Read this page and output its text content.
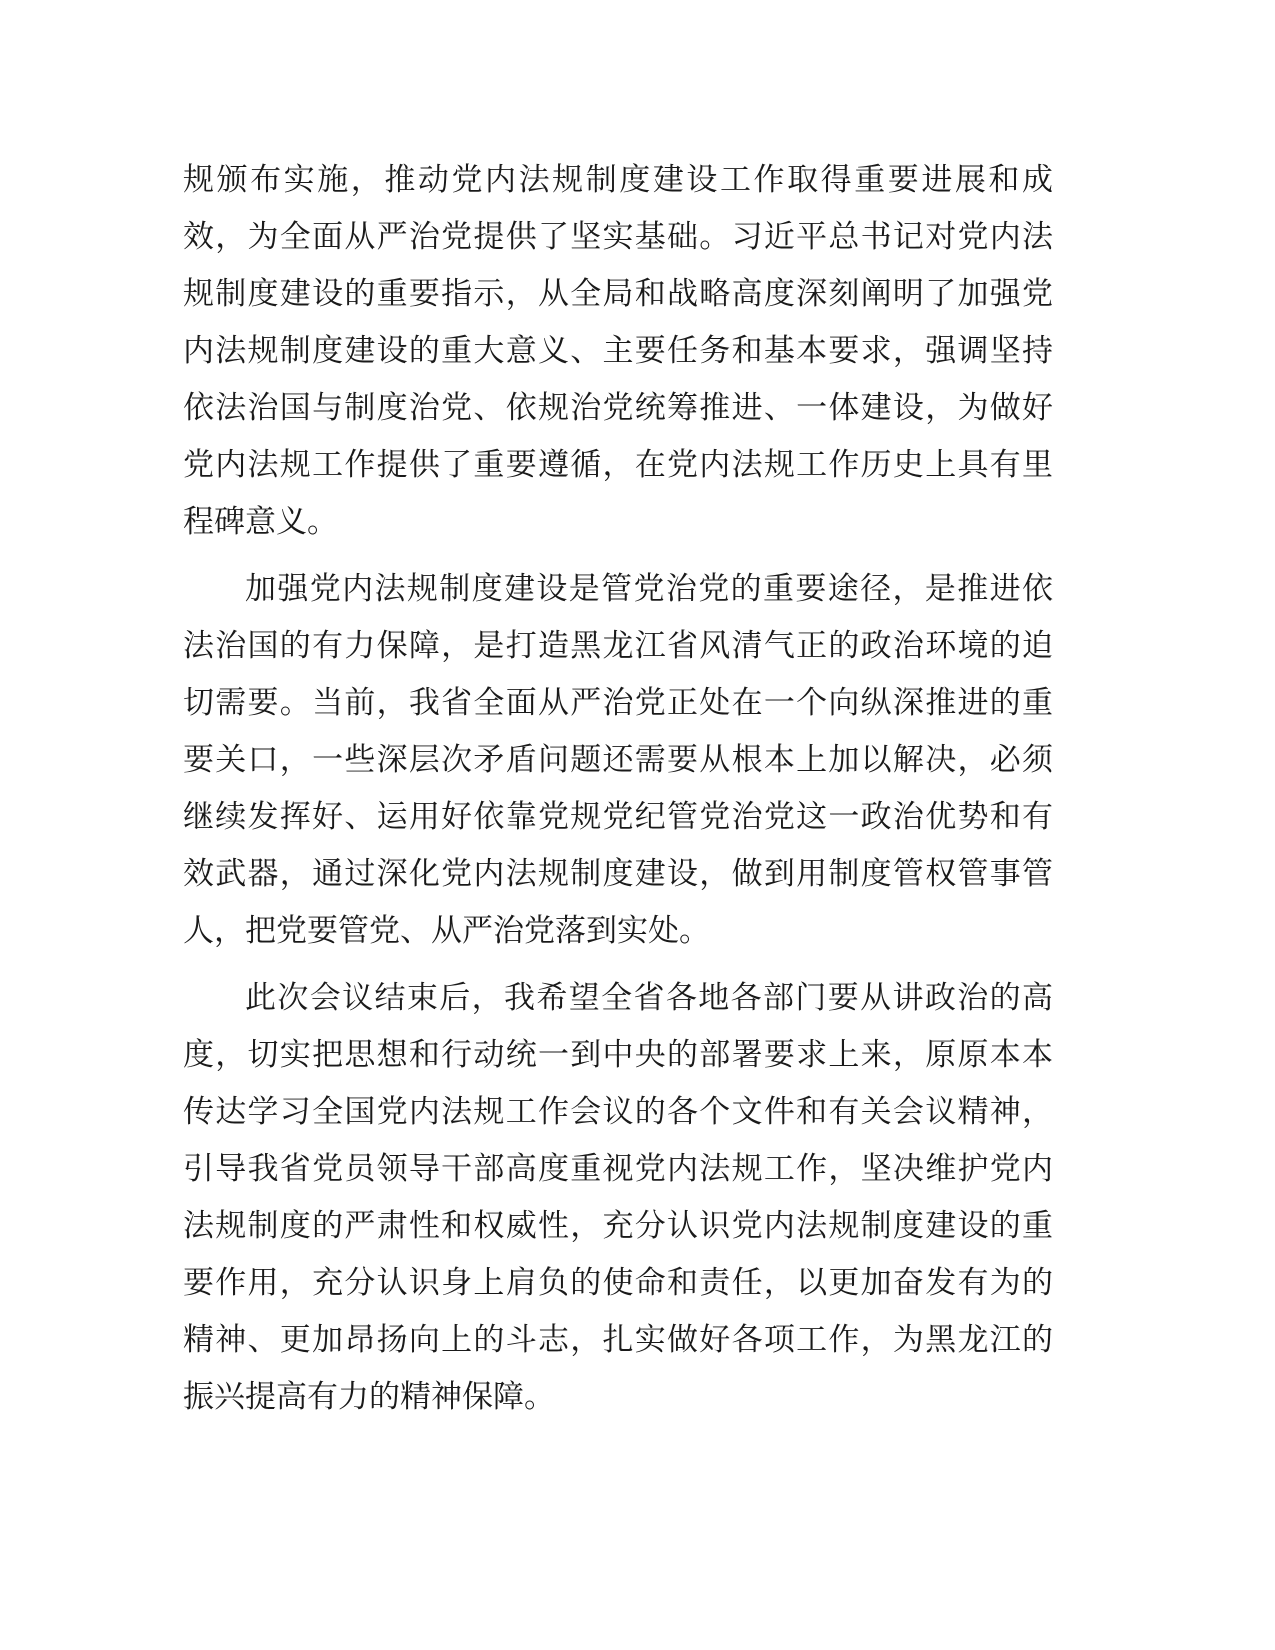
规颁布实施，推动党内法规制度建设工作取得重要进展和成
效，为全面从严治党提供了坚实基础。习近平总书记对党内法
规制度建设的重要指示，从全局和战略高度深刻阐明了加强党
内法规制度建设的重大意义、主要任务和基本要求，强调坚持
依法治国与制度治党、依规治党统筹推进、一体建设，为做好
党内法规工作提供了重要遵循，在党内法规工作历史上具有里
程碑意义。
加强党内法规制度建设是管党治党的重要途径，是推进依
法治国的有力保障，是打造黑龙江省风清气正的政治环境的迫
切需要。当前，我省全面从严治党正处在一个向纵深推进的重
要关口，一些深层次矛盾问题还需要从根本上加以解决，必须
继续发挥好、运用好依靠党规党纪管党治党这一政治优势和有
效武器，通过深化党内法规制度建设，做到用制度管权管事管
人，把党要管党、从严治党落到实处。
此次会议结束后，我希望全省各地各部门要从讲政治的高
度，切实把思想和行动统一到中央的部署要求上来，原原本本
传达学习全国党内法规工作会议的各个文件和有关会议精神，
引导我省党员领导干部高度重视党内法规工作，坚决维护党内
法规制度的严肃性和权威性，充分认识党内法规制度建设的重
要作用，充分认识身上肩负的使命和责任，以更加奋发有为的
精神、更加昂扬向上的斗志，扎实做好各项工作，为黑龙江的
振兴提高有力的精神保障。
